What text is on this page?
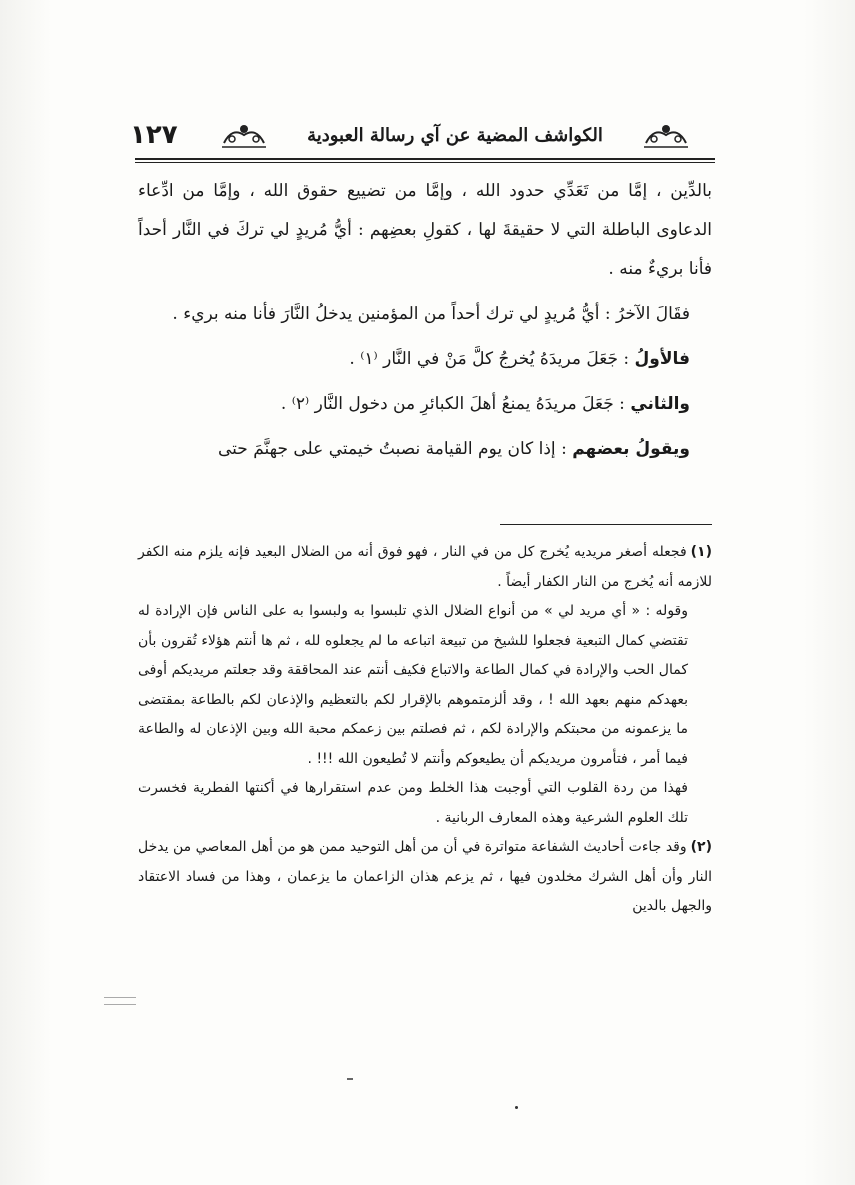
١٢٧	الكواشف المضية عن آي رسالة العبودية

بالدِّين ، إمَّا من تَعَدِّي حدود الله ، وإمَّا من تضييع حقوق الله ، وإمَّا من ادِّعاء الدعاوى الباطلة التي لا حقيقةَ لها ، كقولِ بعضِهم : أيُّ مُريدٍ لي تركَ في النَّار أحداً فأنا بريءٌ منه .

فقَالَ الآخرُ : أيُّ مُريدٍ لي ترك أحداً من المؤمنين يدخلُ النَّارَ فأنا منه بريء .

فالأولُ : جَعَلَ مريدَهُ يُخرجُ كلَّ مَنْ في النَّار ⁽١⁾ .

والثاني : جَعَلَ مريدَهُ يمنعُ أهلَ الكبائرِ من دخول النَّار ⁽٢⁾ .

ويقولُ بعضهم : إذا كان يوم القيامة نصبتُ خيمتي على جهنَّمَ حتى

(١)فجعله أصغر مريديه يُخرج كل من في النار ، فهو فوق أنه من الضلال البعيد فإنه يلزم منه الكفر للازمه أنه يُخرج من النار الكفار أيضاً .

وقوله : « أي مريد لي » من أنواع الضلال الذي تلبسوا به ولبسوا به على الناس فإن الإرادة له تقتضي كمال التبعية فجعلوا للشيخ من تبيعة اتباعه ما لم يجعلوه لله ، ثم ها أنتم هؤلاء تُقرون بأن كمال الحب والإرادة في كمال الطاعة والاتباع فكيف أنتم عند المحاققة وقد جعلتم مريديكم أوفى بعهدكم منهم بعهد الله ! ، وقد ألزمتموهم بالإقرار لكم بالتعظيم والإذعان لكم بالطاعة بمقتضى ما يزعمونه من محبتكم والإرادة لكم ، ثم فصلتم بين زعمكم محبة الله وبين الإذعان له والطاعة فيما أمر ، فتأمرون مريديكم أن يطيعوكم وأنتم لا تُطيعون الله !!! .

فهذا من ردة القلوب التي أوجبت هذا الخلط ومن عدم استقرارها في أكنتها الفطرية فخسرت تلك العلوم الشرعية وهذه المعارف الربانية .

(٢)وقد جاءت أحاديث الشفاعة متواترة في أن من أهل التوحيد ممن هو من أهل المعاصي من يدخل النار وأن أهل الشرك مخلدون فيها ، ثم يزعم هذان الزاعمان ما يزعمان ، وهذا من فساد الاعتقاد والجهل بالدين
